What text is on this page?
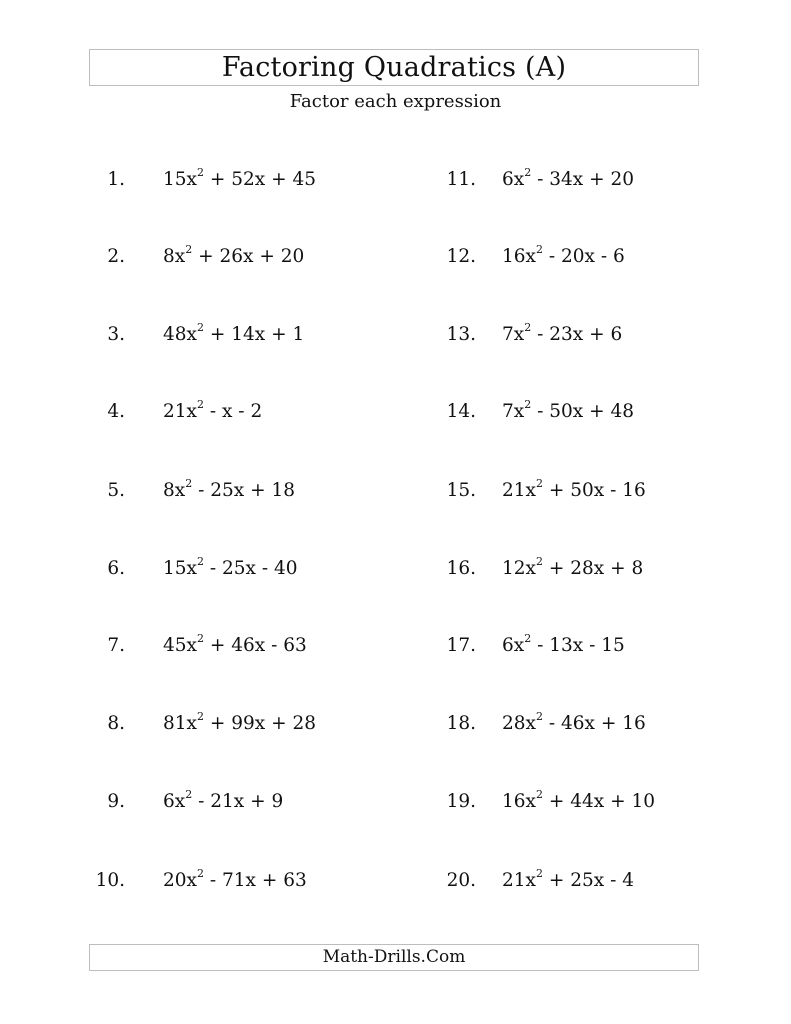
Factoring Quadratics (A)
Factor each expression
1. $15x^2 + 52x + 45$
2. $8x^2 + 26x + 20$
3. $48x^2 + 14x + 1$
4. $21x^2$ - x - 2
5. $8x^2 - 25x + 18$
6. $15x^2 - 25x - 40$
7. $45x^2 + 46x - 63$
8. $81x^2 + 99x + 28$
9. $6x^2 - 21x + 9$
10. $20x^2 - 71x + 63$
11. $6x^2 - 34x + 20$
12. $16x^2 - 20x - 6$
13. $7x^2 - 23x + 6$
14. $7x^2 - 50x + 48$
15. $21x^2 + 50x - 16$
16. $12x^2 + 28x + 8$
17. $6x^2 - 13x - 15$
18. $28x^2 - 46x + 16$
19. $16x^2 + 44x + 10$
20. $21x^2 + 25x - 4$
Math-Drills.Com
